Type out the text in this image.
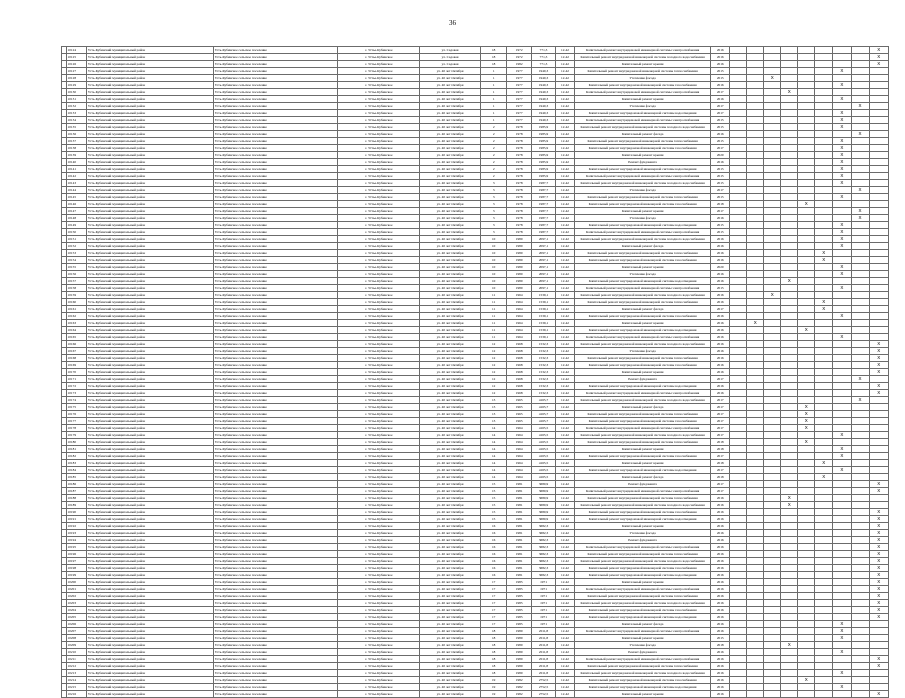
36
	10124	Усть-Кубинский муниципальный район	Усть-Кубинское сельское поселение	с. Устье-Кубинское	ул. Садовая	18	1972	771,3	12-42	Капитальный ремонт внутридомовой инженерной системы электроснабжения	2016									X
	10125	Усть-Кубинский муниципальный район	Усть-Кубинское сельское поселение	с. Устье-Кубинское	ул. Садовая	18	1972	771,3	12-42	Капитальный ремонт внутридомовой инженерной системы холодного водоснабжения	2016									X
	10126	Усть-Кубинский муниципальный район	Усть-Кубинское сельское поселение	с. Устье-Кубинское	ул. Садовая	18	1982	771,3	12-42	Капитальный ремонт крыши	2016									X
	10127	Усть-Кубинский муниципальный район	Усть-Кубинское сельское поселение	с. Устье-Кубинское	ул. 40 лет Октября	1	1977	1940,3	12-42	Капитальный ремонт внутридомовой инженерной системы теплоснабжения	2015							X		
	10128	Усть-Кубинский муниципальный район	Усть-Кубинское сельское поселение	с. Устье-Кубинское	ул. 40 лет Октября	1	1977	1940,3	12-42	Утепление фасада	2015			X						
	10129	Усть-Кубинский муниципальный район	Усть-Кубинское сельское поселение	с. Устье-Кубинское	ул. 40 лет Октября	1	1977	1940,3	12-42	Капитальный ремонт внутридомовой инженерной системы газоснабжения	2016							X		
	10130	Усть-Кубинский муниципальный район	Усть-Кубинское сельское поселение	с. Устье-Кубинское	ул. 40 лет Октября	1	1977	1940,3	12-42	Капитальный ремонт внутридомовой инженерной системы электроснабжения	2017				X					
	10131	Усть-Кубинский муниципальный район	Усть-Кубинское сельское поселение	с. Устье-Кубинское	ул. 40 лет Октября	1	1977	1940,3	12-42	Капитальный ремонт крыши	2016							X		
	10132	Усть-Кубинский муниципальный район	Усть-Кубинское сельское поселение	с. Устье-Кубинское	ул. 40 лет Октября	1	1977	1940,3	12-42	Утепление фасада	2017								X	
	10133	Усть-Кубинский муниципальный район	Усть-Кубинское сельское поселение	с. Устье-Кубинское	ул. 40 лет Октября	1	1977	1940,3	12-42	Капитальный ремонт внутридомовой инженерной системы водоотведения	2017							X		
	10134	Усть-Кубинский муниципальный район	Усть-Кубинское сельское поселение	с. Устье-Кубинское	ул. 40 лет Октября	1	1977	1940,3	12-42	Капитальный ремонт внутридомовой инженерной системы электроснабжения	2015							X		
	10135	Усть-Кубинский муниципальный район	Усть-Кубинское сельское поселение	с. Устье-Кубинское	ул. 40 лет Октября	2	1978	1985,9	12-42	Капитальный ремонт внутридомовой инженерной системы холодного водоснабжения	2015							X		
	10136	Усть-Кубинский муниципальный район	Усть-Кубинское сельское поселение	с. Устье-Кубинское	ул. 40 лет Октября	2	1978	1985,9	12-42	Капитальный ремонт фасада	2016								X	
	10137	Усть-Кубинский муниципальный район	Усть-Кубинское сельское поселение	с. Устье-Кубинское	ул. 40 лет Октября	2	1978	1985,9	12-42	Капитальный ремонт внутридомовой инженерной системы теплоснабжения	2015							X		
	10138	Усть-Кубинский муниципальный район	Усть-Кубинское сельское поселение	с. Устье-Кубинское	ул. 40 лет Октября	2	1978	1985,9	12-42	Капитальный ремонт внутридомовой инженерной системы газоснабжения	2017							X		
	10139	Усть-Кубинский муниципальный район	Усть-Кубинское сельское поселение	с. Устье-Кубинское	ул. 40 лет Октября	2	1978	1985,9	12-42	Капитальный ремонт крыши	2020							X		
	10140	Усть-Кубинский муниципальный район	Усть-Кубинское сельское поселение	с. Устье-Кубинское	ул. 40 лет Октября	2	1978	1985,9	12-42	Ремонт фундамента	2016							X		
	10141	Усть-Кубинский муниципальный район	Усть-Кубинское сельское поселение	с. Устье-Кубинское	ул. 40 лет Октября	2	1978	1985,9	12-42	Капитальный ремонт внутридомовой инженерной системы водоотведения	2015							X		
	10142	Усть-Кубинский муниципальный район	Усть-Кубинское сельское поселение	с. Устье-Кубинское	ул. 40 лет Октября	2	1978	1985,9	12-42	Капитальный ремонт внутридомовой инженерной системы электроснабжения	2015							X		
	10143	Усть-Кубинский муниципальный район	Усть-Кубинское сельское поселение	с. Устье-Кубинское	ул. 40 лет Октября	3	1978	1987,7	12-42	Капитальный ремонт внутридомовой инженерной системы холодного водоснабжения	2015							X		
	10144	Усть-Кубинский муниципальный район	Усть-Кубинское сельское поселение	с. Устье-Кубинское	ул. 40 лет Октября	3	1978	1987,7	12-42	Утепление фасада	2017								X	
	10145	Усть-Кубинский муниципальный район	Усть-Кубинское сельское поселение	с. Устье-Кубинское	ул. 40 лет Октября	3	1978	1987,7	12-42	Капитальный ремонт внутридомовой инженерной системы теплоснабжения	2015							X		
	10146	Усть-Кубинский муниципальный район	Усть-Кубинское сельское поселение	с. Устье-Кубинское	ул. 40 лет Октября	3	1978	1987,7	12-42	Капитальный ремонт внутридомовой инженерной системы газоснабжения	2018					X				
	10147	Усть-Кубинский муниципальный район	Усть-Кубинское сельское поселение	с. Устье-Кубинское	ул. 40 лет Октября	3	1978	1987,7	12-42	Капитальный ремонт крыши	2017								X	
	10148	Усть-Кубинский муниципальный район	Усть-Кубинское сельское поселение	с. Устье-Кубинское	ул. 40 лет Октября	3	1978	1987,7	12-42	Утепление фасада	2016								X	
	10149	Усть-Кубинский муниципальный район	Усть-Кубинское сельское поселение	с. Устье-Кубинское	ул. 40 лет Октября	3	1978	1987,7	12-42	Капитальный ремонт внутридомовой инженерной системы водоотведения	2015							X		
	10150	Усть-Кубинский муниципальный район	Усть-Кубинское сельское поселение	с. Устье-Кубинское	ул. 40 лет Октября	3	1978	1987,7	12-42	Капитальный ремонт внутридомовой инженерной системы электроснабжения	2015							X		
	10151	Усть-Кубинский муниципальный район	Усть-Кубинское сельское поселение	с. Устье-Кубинское	ул. 40 лет Октября	10	1980	2097,1	12-42	Капитальный ремонт внутридомовой инженерной системы холодного водоснабжения	2016							X		
	10152	Усть-Кубинский муниципальный район	Усть-Кубинское сельское поселение	с. Устье-Кубинское	ул. 40 лет Октября	10	1980	2097,1	12-42	Капитальный ремонт фасада	2016							X		
	10153	Усть-Кубинский муниципальный район	Усть-Кубинское сельское поселение	с. Устье-Кубинское	ул. 40 лет Октября	10	1980	2097,1	12-42	Капитальный ремонт внутридомовой инженерной системы теплоснабжения	2016						X			
	10154	Усть-Кубинский муниципальный район	Усть-Кубинское сельское поселение	с. Устье-Кубинское	ул. 40 лет Октября	10	1980	2097,1	12-42	Капитальный ремонт внутридомовой инженерной системы газоснабжения	2016						X			
	10155	Усть-Кубинский муниципальный район	Усть-Кубинское сельское поселение	с. Устье-Кубинское	ул. 40 лет Октября	10	1980	2097,1	12-42	Капитальный ремонт крыши	2020							X		
	10156	Усть-Кубинский муниципальный район	Усть-Кубинское сельское поселение	с. Устье-Кубинское	ул. 40 лет Октября	10	1980	2097,1	12-42	Утепление фасада	2016							X		
	10157	Усть-Кубинский муниципальный район	Усть-Кубинское сельское поселение	с. Устье-Кубинское	ул. 40 лет Октября	10	1980	2097,1	12-42	Капитальный ремонт внутридомовой инженерной системы водоотведения	2016				X					
	10158	Усть-Кубинский муниципальный район	Усть-Кубинское сельское поселение	с. Устье-Кубинское	ул. 40 лет Октября	10	1980	2097,1	12-42	Капитальный ремонт внутридомовой инженерной системы электроснабжения	2015							X		
	10159	Усть-Кубинский муниципальный район	Усть-Кубинское сельское поселение	с. Устье-Кубинское	ул. 40 лет Октября	11	1964	1539,1	12-42	Капитальный ремонт внутридомовой инженерной системы холодного водоснабжения	2016			X						
	10160	Усть-Кубинский муниципальный район	Усть-Кубинское сельское поселение	с. Устье-Кубинское	ул. 40 лет Октября	11	1964	1539,1	12-42	Капитальный ремонт внутридомовой инженерной системы теплоснабжения	2016						X			
	10161	Усть-Кубинский муниципальный район	Усть-Кубинское сельское поселение	с. Устье-Кубинское	ул. 40 лет Октября	11	1964	1539,1	12-42	Капитальный ремонт фасада	2017						X			
	10162	Усть-Кубинский муниципальный район	Усть-Кубинское сельское поселение	с. Устье-Кубинское	ул. 40 лет Октября	11	1964	1539,1	12-42	Капитальный ремонт внутридомовой инженерной системы газоснабжения	2016							X		
	10163	Усть-Кубинский муниципальный район	Усть-Кубинское сельское поселение	с. Устье-Кубинское	ул. 40 лет Октября	11	1964	1539,1	12-42	Капитальный ремонт крыши	2016		X							
	10164	Усть-Кубинский муниципальный район	Усть-Кубинское сельское поселение	с. Устье-Кубинское	ул. 40 лет Октября	11	1964	1539,1	12-42	Капитальный ремонт внутридомовой инженерной системы водоотведения	2016					X				
	10165	Усть-Кубинский муниципальный район	Усть-Кубинское сельское поселение	с. Устье-Кубинское	ул. 40 лет Октября	11	1964	1539,1	12-42	Капитальный ремонт внутридомовой инженерной системы электроснабжения	2016							X		
	10166	Усть-Кубинский муниципальный район	Усть-Кубинское сельское поселение	с. Устье-Кубинское	ул. 40 лет Октября	12	1968	1532,3	12-42	Капитальный ремонт внутридомовой инженерной системы холодного водоснабжения	2016									X
	10167	Усть-Кубинский муниципальный район	Усть-Кубинское сельское поселение	с. Устье-Кубинское	ул. 40 лет Октября	12	1968	1532,3	12-42	Утепление фасада	2016									X
	10168	Усть-Кубинский муниципальный район	Усть-Кубинское сельское поселение	с. Устье-Кубинское	ул. 40 лет Октября	12	1968	1532,3	12-42	Капитальный ремонт внутридомовой инженерной системы теплоснабжения	2016									X
	10169	Усть-Кубинский муниципальный район	Усть-Кубинское сельское поселение	с. Устье-Кубинское	ул. 40 лет Октября	12	1968	1532,3	12-42	Капитальный ремонт внутридомовой инженерной системы газоснабжения	2016									X
	10170	Усть-Кубинский муниципальный район	Усть-Кубинское сельское поселение	с. Устье-Кубинское	ул. 40 лет Октября	12	1968	1532,3	12-42	Капитальный ремонт крыши	2016									X
	10171	Усть-Кубинский муниципальный район	Усть-Кубинское сельское поселение	с. Устье-Кубинское	ул. 40 лет Октября	12	1968	1532,3	12-42	Ремонт фундамента	2017								X	
	10172	Усть-Кубинский муниципальный район	Усть-Кубинское сельское поселение	с. Устье-Кубинское	ул. 40 лет Октября	12	1968	1532,3	12-42	Капитальный ремонт внутридомовой инженерной системы водоотведения	2016									X
	10173	Усть-Кубинский муниципальный район	Усть-Кубинское сельское поселение	с. Устье-Кубинское	ул. 40 лет Октября	12	1968	1532,3	12-42	Капитальный ремонт внутридомовой инженерной системы электроснабжения	2016									X
	10174	Усть-Кубинский муниципальный район	Усть-Кубинское сельское поселение	с. Устье-Кубинское	ул. 40 лет Октября	13	1965	4165,7	12-42	Капитальный ремонт внутридомовой инженерной системы холодного водоснабжения	2017								X	
	10175	Усть-Кубинский муниципальный район	Усть-Кубинское сельское поселение	с. Устье-Кубинское	ул. 40 лет Октября	13	1965	4165,7	12-42	Капитальный ремонт фасада	2017					X				
	10176	Усть-Кубинский муниципальный район	Усть-Кубинское сельское поселение	с. Устье-Кубинское	ул. 40 лет Октября	13	1965	4165,7	12-42	Капитальный ремонт внутридомовой инженерной системы теплоснабжения	2017					X				
	10177	Усть-Кубинский муниципальный район	Усть-Кубинское сельское поселение	с. Устье-Кубинское	ул. 40 лет Октября	13	1965	4165,7	12-42	Капитальный ремонт внутридомовой инженерной системы газоснабжения	2017					X				
	10178	Усть-Кубинский муниципальный район	Усть-Кубинское сельское поселение	с. Устье-Кубинское	ул. 40 лет Октября	14	1964	4165,5	12-42	Капитальный ремонт внутридомовой инженерной системы электроснабжения	2017					X				
	10179	Усть-Кубинский муниципальный район	Усть-Кубинское сельское поселение	с. Устье-Кубинское	ул. 40 лет Октября	14	1964	4165,5	12-42	Капитальный ремонт внутридомовой инженерной системы холодного водоснабжения	2017							X		
	10180	Усть-Кубинский муниципальный район	Усть-Кубинское сельское поселение	с. Устье-Кубинское	ул. 40 лет Октября	14	1964	4165,5	12-42	Капитальный ремонт внутридомовой инженерной системы теплоснабжения	2018					X				
	10181	Усть-Кубинский муниципальный район	Усть-Кубинское сельское поселение	с. Устье-Кубинское	ул. 40 лет Октября	14	1964	4165,5	12-42	Капитальный ремонт крыши	2018							X		
	10182	Усть-Кубинский муниципальный район	Усть-Кубинское сельское поселение	с. Устье-Кубинское	ул. 40 лет Октября	14	1964	4165,5	12-42	Капитальный ремонт внутридомовой инженерной системы газоснабжения	2017							X		
	10183	Усть-Кубинский муниципальный район	Усть-Кубинское сельское поселение	с. Устье-Кубинское	ул. 40 лет Октября	14	1964	4165,5	12-42	Капитальный ремонт крыши	2018						X			
	10184	Усть-Кубинский муниципальный район	Усть-Кубинское сельское поселение	с. Устье-Кубинское	ул. 40 лет Октября	14	1964	4165,5	12-42	Капитальный ремонт внутридомовой инженерной системы водоотведения	2017							X		
	10185	Усть-Кубинский муниципальный район	Усть-Кубинское сельское поселение	с. Устье-Кубинское	ул. 40 лет Октября	14	1964	4165,5	12-42	Капитальный ремонт фасада	2018						X			
	10186	Усть-Кубинский муниципальный район	Усть-Кубинское сельское поселение	с. Устье-Кубинское	ул. 40 лет Октября	15	1981	3680,9	12-42	Ремонт фундамента	2017									X
	10187	Усть-Кубинский муниципальный район	Усть-Кубинское сельское поселение	с. Устье-Кубинское	ул. 40 лет Октября	15	1981	3680,9	12-42	Капитальный ремонт внутридомовой инженерной системы электроснабжения	2017									X
	10188	Усть-Кубинский муниципальный район	Усть-Кубинское сельское поселение	с. Устье-Кубинское	ул. 40 лет Октября	15	1981	3680,9	12-42	Капитальный ремонт внутридомовой инженерной системы теплоснабжения	2016				X					
	10189	Усть-Кубинский муниципальный район	Усть-Кубинское сельское поселение	с. Устье-Кубинское	ул. 40 лет Октября	15	1981	3680,9	12-42	Капитальный ремонт внутридомовой инженерной системы холодного водоснабжения	2016				X					
	10190	Усть-Кубинский муниципальный район	Усть-Кубинское сельское поселение	с. Устье-Кубинское	ул. 40 лет Октября	15	1981	3680,9	12-42	Капитальный ремонт внутридомовой инженерной системы газоснабжения	2016									X
	10191	Усть-Кубинский муниципальный район	Усть-Кубинское сельское поселение	с. Устье-Кубинское	ул. 40 лет Октября	15	1981	3680,9	12-42	Капитальный ремонт внутридомовой инженерной системы водоотведения	2016									X
	10192	Усть-Кубинский муниципальный район	Усть-Кубинское сельское поселение	с. Устье-Кубинское	ул. 40 лет Октября	16	1981	3682,3	12-42	Капитальный ремонт крыши	2016									X
	10193	Усть-Кубинский муниципальный район	Усть-Кубинское сельское поселение	с. Устье-Кубинское	ул. 40 лет Октября	16	1981	3682,3	12-42	Утепление фасада	2016									X
	10194	Усть-Кубинский муниципальный район	Усть-Кубинское сельское поселение	с. Устье-Кубинское	ул. 40 лет Октября	16	1981	3682,3	12-42	Ремонт фундамента	2016									X
	10195	Усть-Кубинский муниципальный район	Усть-Кубинское сельское поселение	с. Устье-Кубинское	ул. 40 лет Октября	16	1981	3682,3	12-42	Капитальный ремонт внутридомовой инженерной системы электроснабжения	2016									X
	10196	Усть-Кубинский муниципальный район	Усть-Кубинское сельское поселение	с. Устье-Кубинское	ул. 40 лет Октября	16	1981	3682,3	12-42	Капитальный ремонт внутридомовой инженерной системы теплоснабжения	2016									X
	10197	Усть-Кубинский муниципальный район	Усть-Кубинское сельское поселение	с. Устье-Кубинское	ул. 40 лет Октября	16	1981	3682,3	12-42	Капитальный ремонт внутридомовой инженерной системы холодного водоснабжения	2016									X
	10198	Усть-Кубинский муниципальный район	Усть-Кубинское сельское поселение	с. Устье-Кубинское	ул. 40 лет Октября	16	1981	3682,3	12-42	Капитальный ремонт внутридомовой инженерной системы газоснабжения	2016									X
	10199	Усть-Кубинский муниципальный район	Усть-Кубинское сельское поселение	с. Устье-Кубинское	ул. 40 лет Октября	16	1981	3682,3	12-42	Капитальный ремонт внутридомовой инженерной системы водоотведения	2016									X
	10200	Усть-Кубинский муниципальный район	Усть-Кубинское сельское поселение	с. Устье-Кубинское	ул. 40 лет Октября	17	1985	1971	12-42	Капитальный ремонт крыши	2016									X
	10201	Усть-Кубинский муниципальный район	Усть-Кубинское сельское поселение	с. Устье-Кубинское	ул. 40 лет Октября	17	1985	1971	12-42	Капитальный ремонт внутридомовой инженерной системы электроснабжения	2016									X
	10202	Усть-Кубинский муниципальный район	Усть-Кубинское сельское поселение	с. Устье-Кубинское	ул. 40 лет Октября	17	1985	1971	12-42	Капитальный ремонт внутридомовой инженерной системы теплоснабжения	2016									X
	10203	Усть-Кубинский муниципальный район	Усть-Кубинское сельское поселение	с. Устье-Кубинское	ул. 40 лет Октября	17	1985	1971	12-42	Капитальный ремонт внутридомовой инженерной системы холодного водоснабжения	2016									X
	10204	Усть-Кубинский муниципальный район	Усть-Кубинское сельское поселение	с. Устье-Кубинское	ул. 40 лет Октября	17	1985	1971	12-42	Капитальный ремонт внутридомовой инженерной системы газоснабжения	2016									X
	10205	Усть-Кубинский муниципальный район	Усть-Кубинское сельское поселение	с. Устье-Кубинское	ул. 40 лет Октября	17	1985	1971	12-42	Капитальный ремонт внутридомовой инженерной системы водоотведения	2016									X
	10206	Усть-Кубинский муниципальный район	Усть-Кубинское сельское поселение	с. Устье-Кубинское	ул. 40 лет Октября	17	1985	1971	12-42	Капитальный ремонт фасада	2016							X		
	10207	Усть-Кубинский муниципальный район	Усть-Кубинское сельское поселение	с. Устье-Кубинское	ул. 40 лет Октября	18	1980	2011,8	12-42	Капитальный ремонт внутридомовой инженерной системы электроснабжения	2016							X		
	10208	Усть-Кубинский муниципальный район	Усть-Кубинское сельское поселение	с. Устье-Кубинское	ул. 40 лет Октября	18	1980	2011,8	12-42	Капитальный ремонт крыши	2015							X		
	10209	Усть-Кубинский муниципальный район	Усть-Кубинское сельское поселение	с. Устье-Кубинское	ул. 40 лет Октября	18	1980	2011,8	12-42	Утепление фасада	2018				X					
	10210	Усть-Кубинский муниципальный район	Усть-Кубинское сельское поселение	с. Устье-Кубинское	ул. 40 лет Октября	18	1980	2011,8	12-42	Ремонт фундамента	2016							X		
	10211	Усть-Кубинский муниципальный район	Усть-Кубинское сельское поселение	с. Устье-Кубинское	ул. 40 лет Октября	18	1980	2011,8	12-42	Капитальный ремонт внутридомовой инженерной системы электроснабжения	2016									X
	10212	Усть-Кубинский муниципальный район	Усть-Кубинское сельское поселение	с. Устье-Кубинское	ул. 40 лет Октября	18	1980	2011,8	12-42	Капитальный ремонт внутридомовой инженерной системы теплоснабжения	2016									X
	10213	Усть-Кубинский муниципальный район	Усть-Кубинское сельское поселение	с. Устье-Кубинское	ул. 40 лет Октября	18	1980	2011,8	12-42	Капитальный ремонт внутридомовой инженерной системы холодного водоснабжения	2016							X		
	10214	Усть-Кубинский муниципальный район	Усть-Кубинское сельское поселение	с. Устье-Кубинское	ул. 40 лет Октября	19	1982	2752,5	12-42	Капитальный ремонт внутридомовой инженерной системы газоснабжения	2016					X				
	10215	Усть-Кубинский муниципальный район	Усть-Кубинское сельское поселение	с. Устье-Кубинское	ул. 40 лет Октября	19	1982	2752,5	12-42	Капитальный ремонт внутридомовой инженерной системы водоотведения	2016							X		
	10216	Усть-Кубинский муниципальный район	Усть-Кубинское сельское поселение	с. Устье-Кубинское	ул. 40 лет Октября	19	1982	2752,5	12-42	Капитальный ремонт крыши	2016									X
